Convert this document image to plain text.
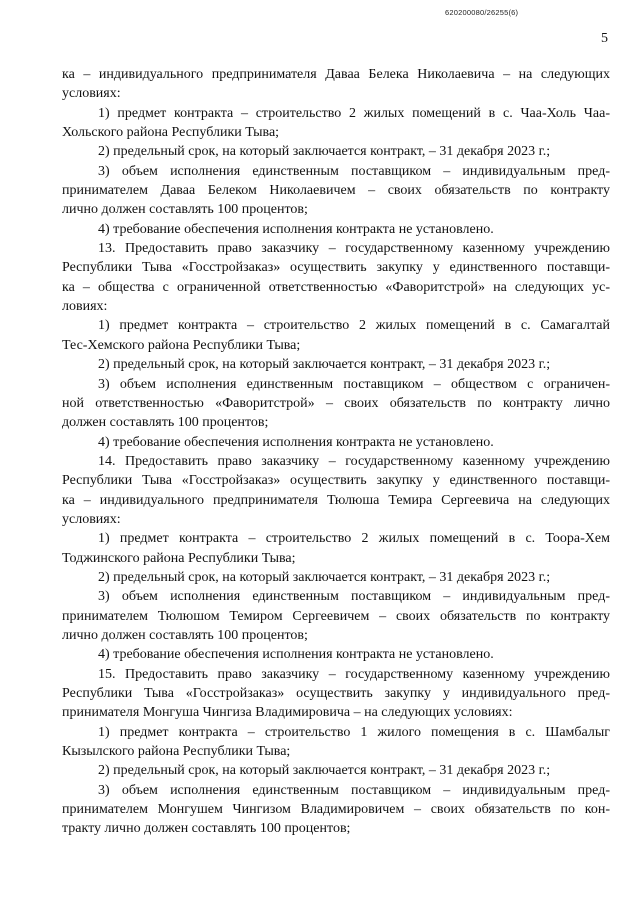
620200080/26255(6)
5
ка – индивидуального предпринимателя Даваа Белека Николаевича – на следующих
условиях:
1) предмет контракта – строительство 2 жилых помещений в с. Чаа-Холь Чаа-
Хольского района Республики Тыва;
2) предельный срок, на который заключается контракт, – 31 декабря 2023 г.;
3) объем исполнения единственным поставщиком – индивидуальным пред-
принимателем Даваа Белеком Николаевичем – своих обязательств по контракту
лично должен составлять 100 процентов;
4) требование обеспечения исполнения контракта не установлено.
13. Предоставить право заказчику – государственному казенному учреждению
Республики Тыва «Госстройзаказ» осуществить закупку у единственного поставщи-
ка – общества с ограниченной ответственностью «Фаворитстрой» на следующих ус-
ловиях:
1) предмет контракта – строительство 2 жилых помещений в с. Самагалтай
Тес-Хемского района Республики Тыва;
2) предельный срок, на который заключается контракт, – 31 декабря 2023 г.;
3) объем исполнения единственным поставщиком – обществом с ограничен-
ной ответственностью «Фаворитстрой» – своих обязательств по контракту лично
должен составлять 100 процентов;
4) требование обеспечения исполнения контракта не установлено.
14. Предоставить право заказчику – государственному казенному учреждению
Республики Тыва «Госстройзаказ» осуществить закупку у единственного поставщи-
ка – индивидуального предпринимателя Тюлюша Темира Сергеевича на следующих
условиях:
1) предмет контракта – строительство 2 жилых помещений в с. Тоора-Хем
Тоджинского района Республики Тыва;
2) предельный срок, на который заключается контракт, – 31 декабря 2023 г.;
3) объем исполнения единственным поставщиком – индивидуальным пред-
принимателем Тюлюшом Темиром Сергеевичем – своих обязательств по контракту
лично должен составлять 100 процентов;
4) требование обеспечения исполнения контракта не установлено.
15. Предоставить право заказчику – государственному казенному учреждению
Республики Тыва «Госстройзаказ» осуществить закупку у индивидуального пред-
принимателя Монгуша Чингиза Владимировича – на следующих условиях:
1) предмет контракта – строительство 1 жилого помещения в с. Шамбалыг
Кызылского района Республики Тыва;
2) предельный срок, на который заключается контракт, – 31 декабря 2023 г.;
3) объем исполнения единственным поставщиком – индивидуальным пред-
принимателем Монгушем Чингизом Владимировичем – своих обязательств по кон-
тракту лично должен составлять 100 процентов;
